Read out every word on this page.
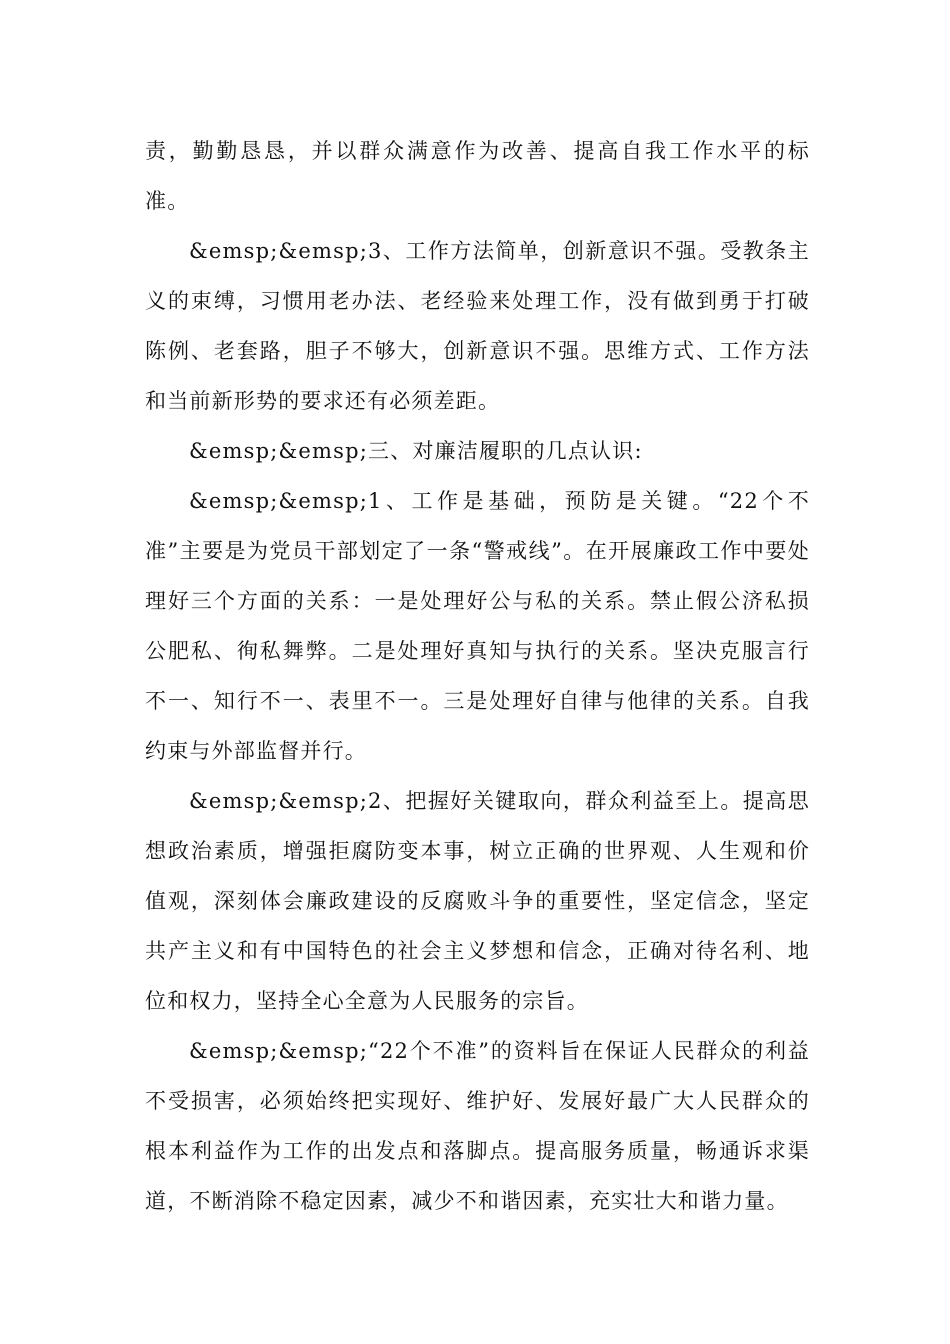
责，勤勤恳恳，并以群众满意作为改善、提高自我工作水平的标准。

&emsp;&emsp;3、工作方法简单，创新意识不强。受教条主义的束缚，习惯用老办法、老经验来处理工作，没有做到勇于打破陈例、老套路，胆子不够大，创新意识不强。思维方式、工作方法和当前新形势的要求还有必须差距。

&emsp;&emsp;三、对廉洁履职的几点认识:

&emsp;&emsp;1、工作是基础，预防是关键。“22个不准”主要是为党员干部划定了一条“警戒线”。在开展廉政工作中要处理好三个方面的关系：一是处理好公与私的关系。禁止假公济私损公肥私、徇私舞弊。二是处理好真知与执行的关系。坚决克服言行不一、知行不一、表里不一。三是处理好自律与他律的关系。自我约束与外部监督并行。

&emsp;&emsp;2、把握好关键取向，群众利益至上。提高思想政治素质，增强拒腐防变本事，树立正确的世界观、人生观和价值观，深刻体会廉政建设的反腐败斗争的重要性，坚定信念，坚定共产主义和有中国特色的社会主义梦想和信念，正确对待名利、地位和权力，坚持全心全意为人民服务的宗旨。

&emsp;&emsp;“22个不准”的资料旨在保证人民群众的利益不受损害，必须始终把实现好、维护好、发展好最广大人民群众的根本利益作为工作的出发点和落脚点。提高服务质量，畅通诉求渠道，不断消除不稳定因素，减少不和谐因素，充实壮大和谐力量。
